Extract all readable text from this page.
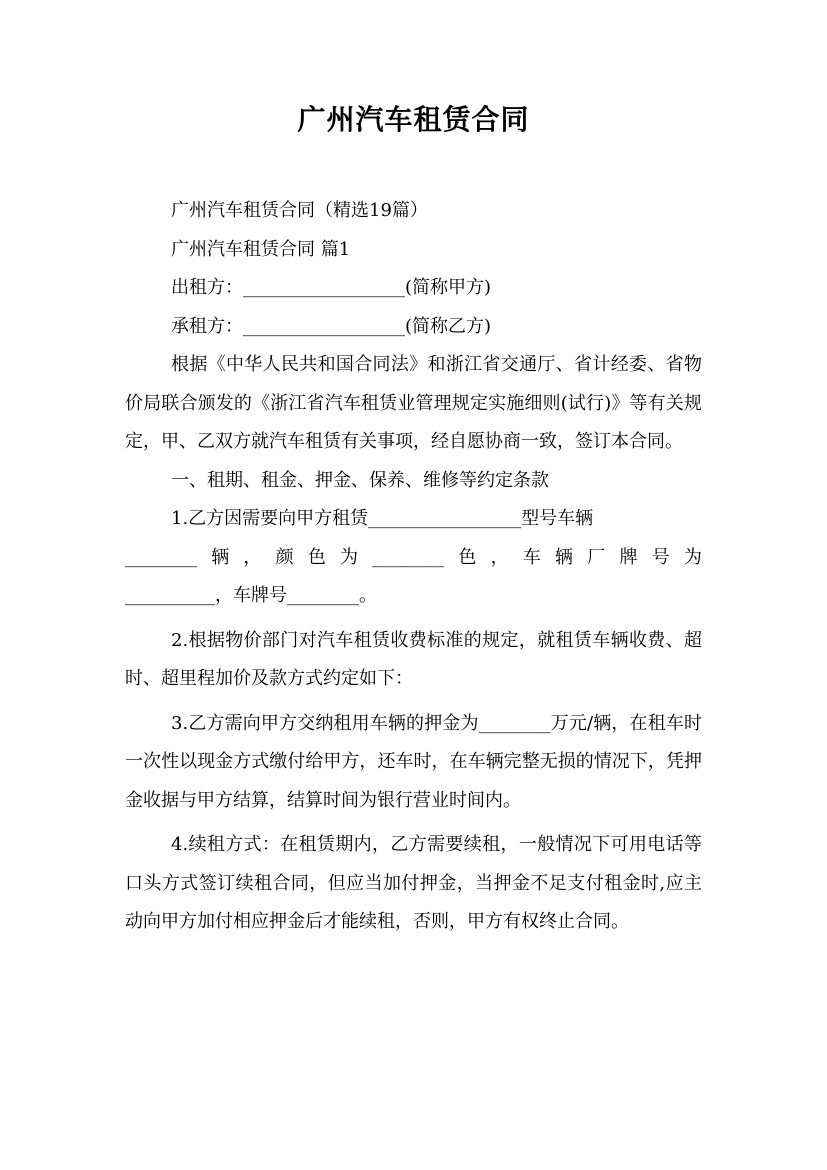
广州汽车租赁合同
广州汽车租赁合同（精选19篇）
广州汽车租赁合同 篇1
出租方：__________________(简称甲方)
承租方：__________________(简称乙方)

根据《中华人民共和国合同法》和浙江省交通厅、省计经委、省物价局联合颁发的《浙江省汽车租赁业管理规定实施细则(试行)》等有关规定，甲、乙双方就汽车租赁有关事项，经自愿协商一致，签订本合同。

一、租期、租金、押金、保养、维修等约定条款
1.乙方因需要向甲方租赁_________________型号车辆
________ 辆 ， 颜 色 为 ________ 色 ， 车 辆 厂 牌 号 为
__________，车牌号________。

2.根据物价部门对汽车租赁收费标准的规定，就租赁车辆收费、超时、超里程加价及款方式约定如下：

3.乙方需向甲方交纳租用车辆的押金为________万元/辆，在租车时一次性以现金方式缴付给甲方，还车时，在车辆完整无损的情况下，凭押金收据与甲方结算，结算时间为银行营业时间内。

4.续租方式：在租赁期内，乙方需要续租，一般情况下可用电话等口头方式签订续租合同，但应当加付押金，当押金不足支付租金时,应主动向甲方加付相应押金后才能续租，否则，甲方有权终止合同。
